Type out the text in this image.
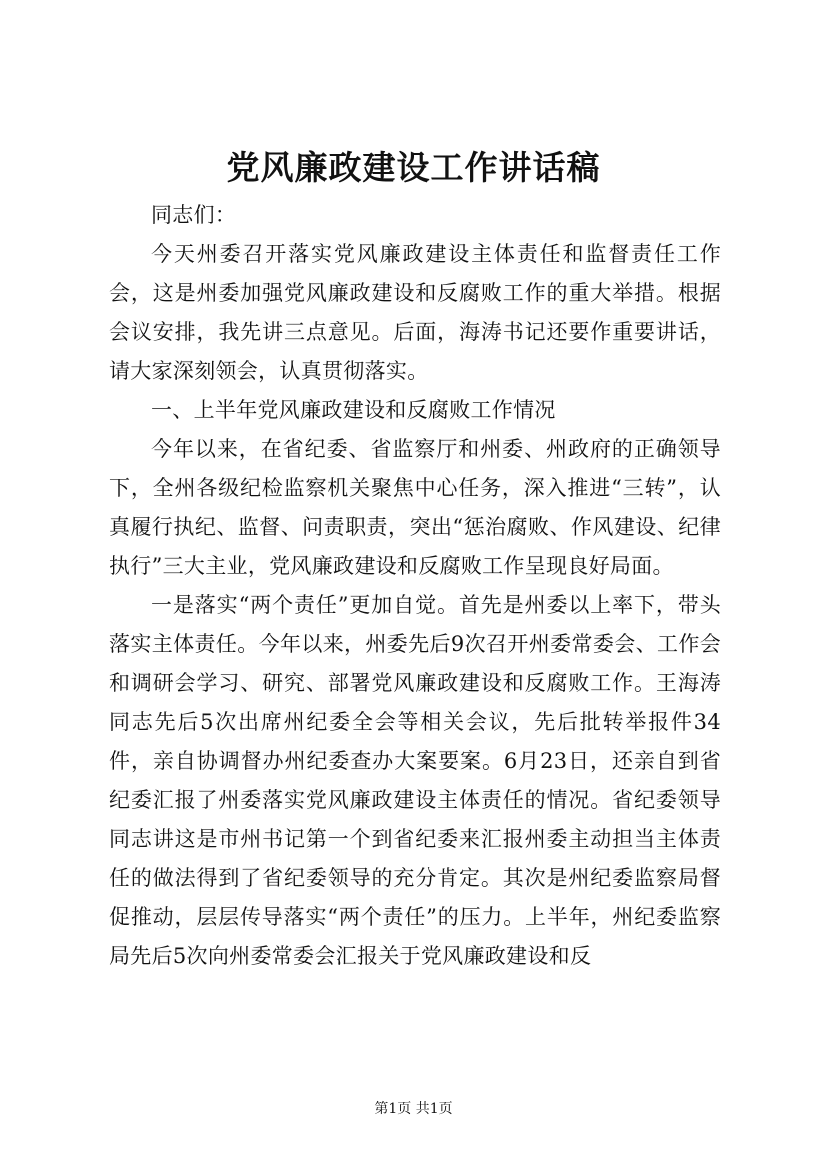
党风廉政建设工作讲话稿

同志们：

今天州委召开落实党风廉政建设主体责任和监督责任工作会，这是州委加强党风廉政建设和反腐败工作的重大举措。根据会议安排，我先讲三点意见。后面，海涛书记还要作重要讲话，请大家深刻领会，认真贯彻落实。

一、上半年党风廉政建设和反腐败工作情况

今年以来，在省纪委、省监察厅和州委、州政府的正确领导下，全州各级纪检监察机关聚焦中心任务，深入推进“三转”，认真履行执纪、监督、问责职责，突出“惩治腐败、作风建设、纪律执行”三大主业，党风廉政建设和反腐败工作呈现良好局面。

一是落实“两个责任”更加自觉。首先是州委以上率下，带头落实主体责任。今年以来，州委先后9次召开州委常委会、工作会和调研会学习、研究、部署党风廉政建设和反腐败工作。王海涛同志先后5次出席州纪委全会等相关会议，先后批转举报件34件，亲自协调督办州纪委查办大案要案。6月23日，还亲自到省纪委汇报了州委落实党风廉政建设主体责任的情况。省纪委领导同志讲这是市州书记第一个到省纪委来汇报州委主动担当主体责任的做法得到了省纪委领导的充分肯定。其次是州纪委监察局督促推动，层层传导落实“两个责任”的压力。上半年，州纪委监察局先后5次向州委常委会汇报关于党风廉政建设和反

第1页 共1页
